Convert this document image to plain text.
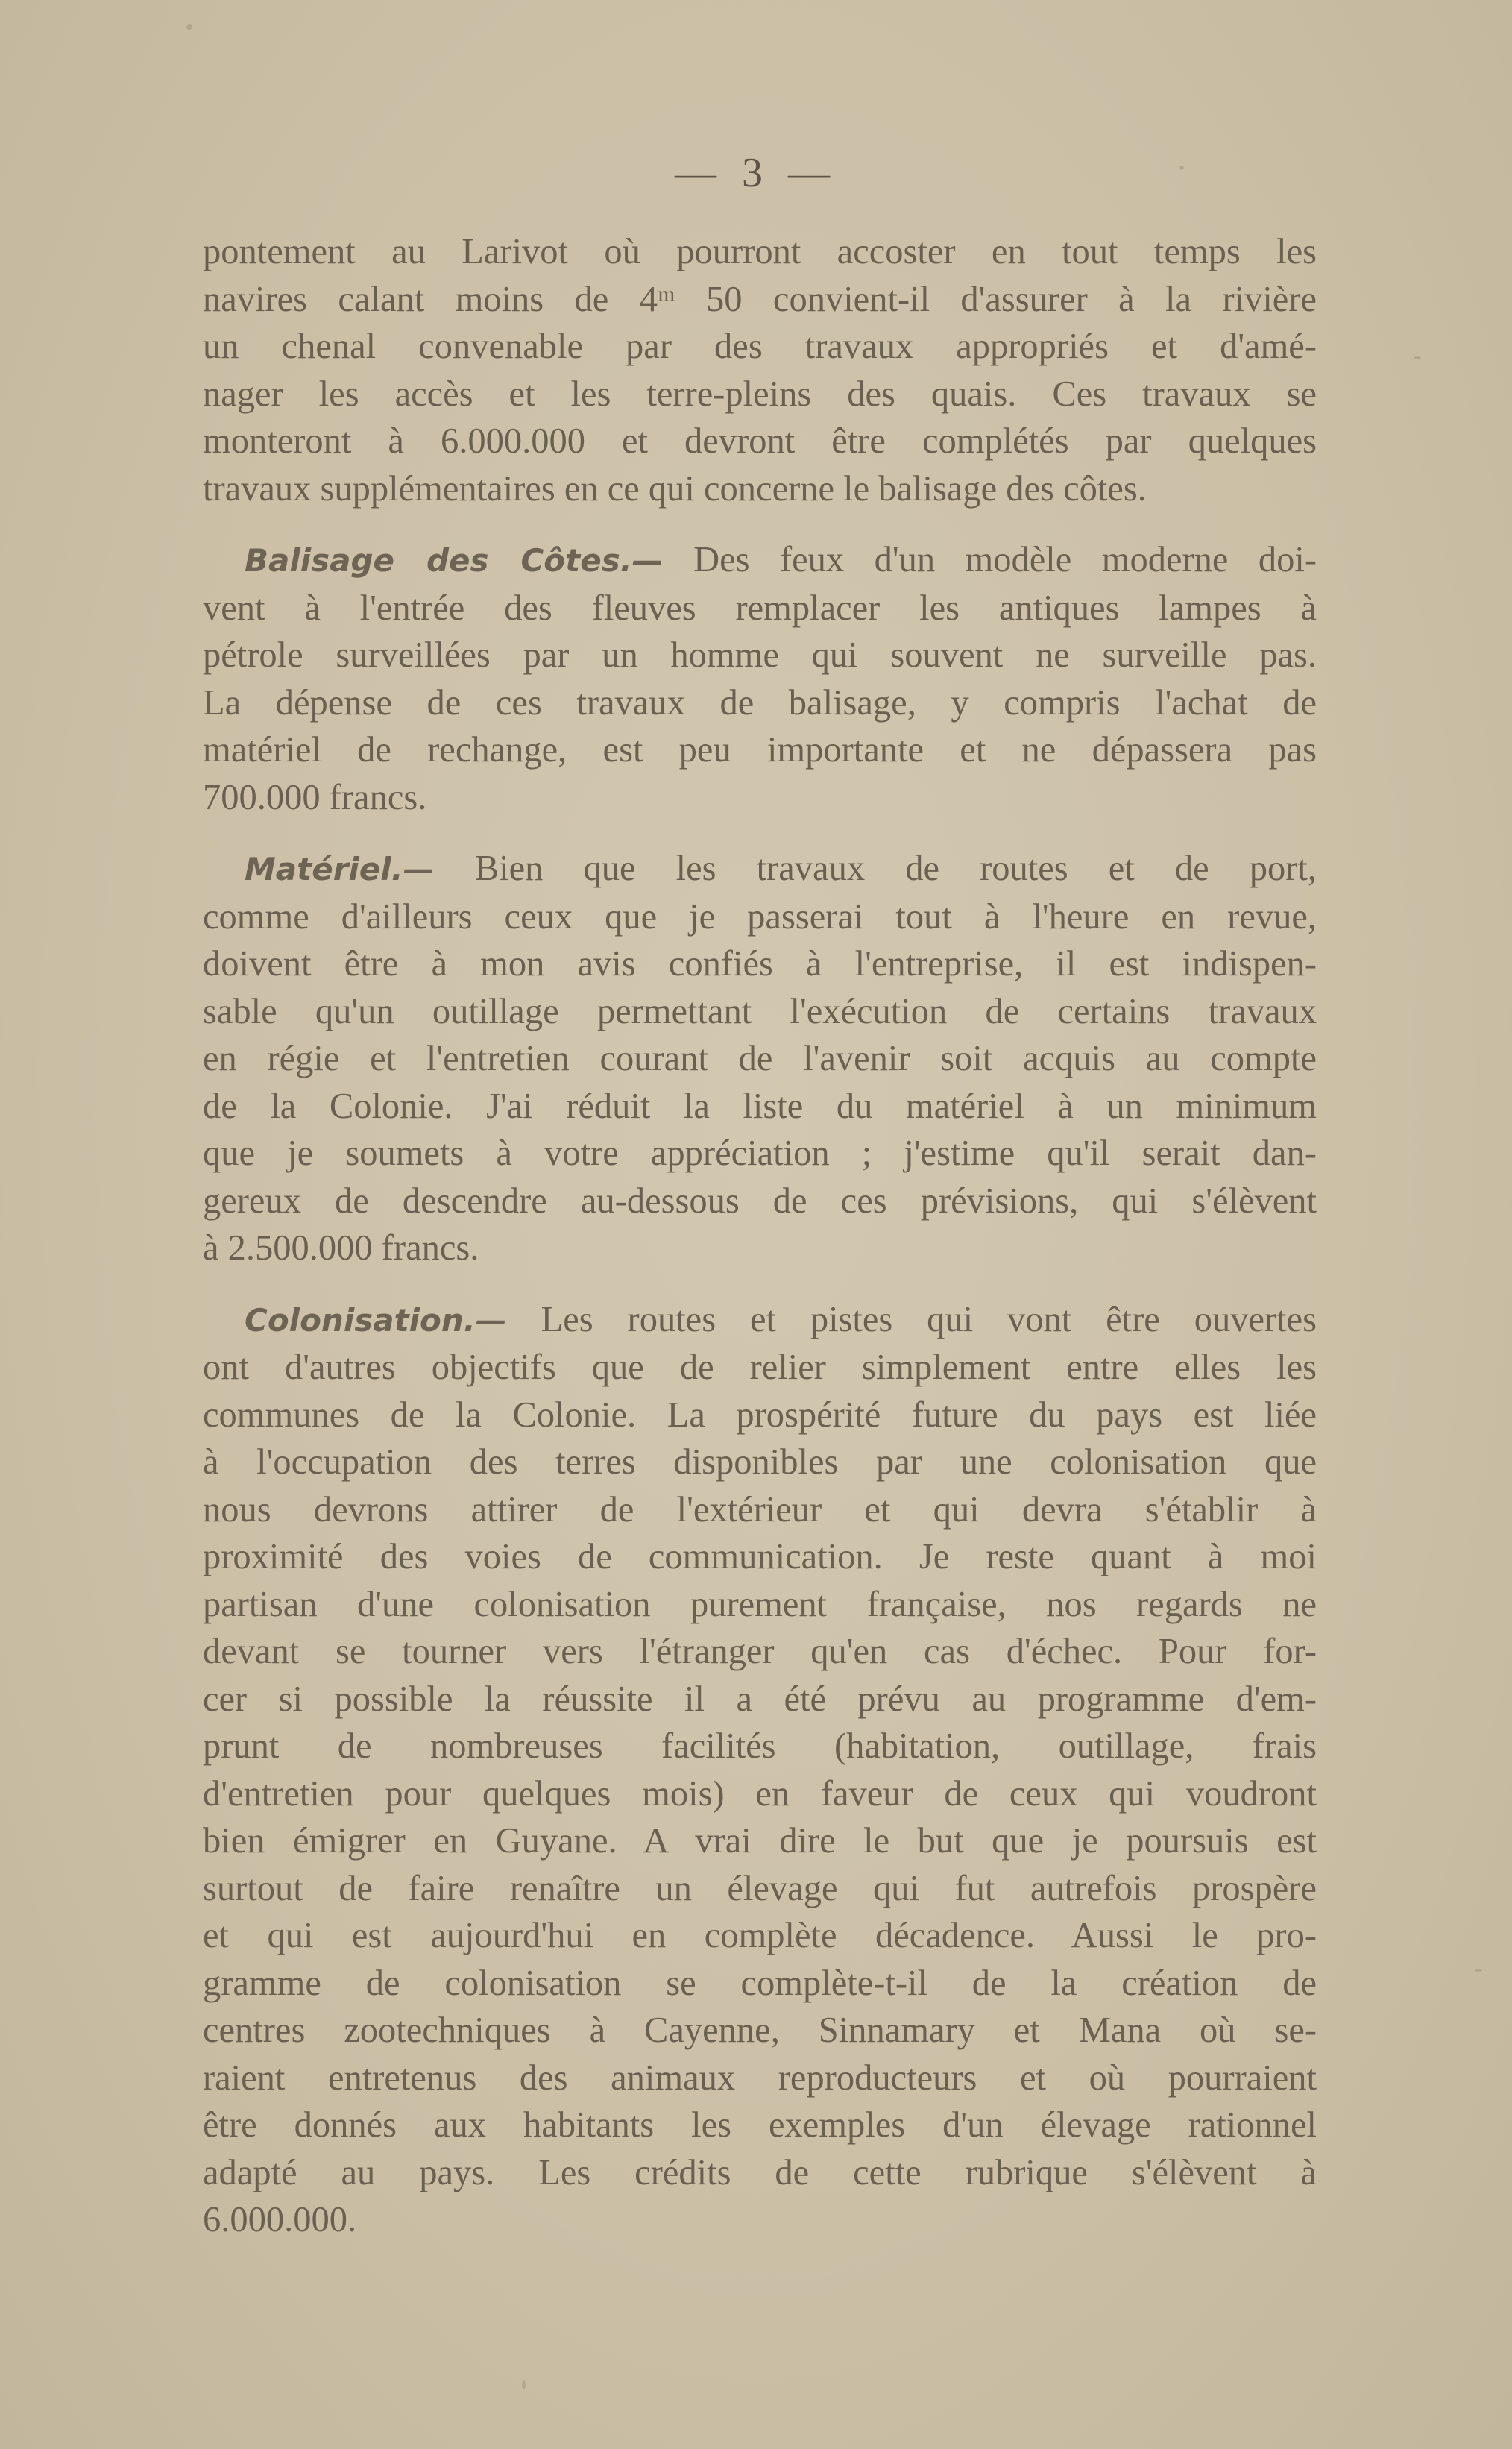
— 3 —
pontement au Larivot où pourront accoster en tout temps les
navires calant moins de 4ᵐ 50 convient-il d'assurer à la rivière
un chenal convenable par des travaux appropriés et d'amé-
nager les accès et les terre-pleins des quais. Ces travaux se
monteront à 6.000.000 et devront être complétés par quelques
travaux supplémentaires en ce qui concerne le balisage des côtes.
Balisage des Côtes.— Des feux d'un modèle moderne doi-
vent à l'entrée des fleuves remplacer les antiques lampes à
pétrole surveillées par un homme qui souvent ne surveille pas.
La dépense de ces travaux de balisage, y compris l'achat de
matériel de rechange, est peu importante et ne dépassera pas
700.000 francs.
Matériel.— Bien que les travaux de routes et de port,
comme d'ailleurs ceux que je passerai tout à l'heure en revue,
doivent être à mon avis confiés à l'entreprise, il est indispen-
sable qu'un outillage permettant l'exécution de certains travaux
en régie et l'entretien courant de l'avenir soit acquis au compte
de la Colonie. J'ai réduit la liste du matériel à un minimum
que je soumets à votre appréciation ; j'estime qu'il serait dan-
gereux de descendre au-dessous de ces prévisions, qui s'élèvent
à 2.500.000 francs.
Colonisation.— Les routes et pistes qui vont être ouvertes
ont d'autres objectifs que de relier simplement entre elles les
communes de la Colonie. La prospérité future du pays est liée
à l'occupation des terres disponibles par une colonisation que
nous devrons attirer de l'extérieur et qui devra s'établir à
proximité des voies de communication. Je reste quant à moi
partisan d'une colonisation purement française, nos regards ne
devant se tourner vers l'étranger qu'en cas d'échec. Pour for-
cer si possible la réussite il a été prévu au programme d'em-
prunt de nombreuses facilités (habitation, outillage, frais
d'entretien pour quelques mois) en faveur de ceux qui voudront
bien émigrer en Guyane. A vrai dire le but que je poursuis est
surtout de faire renaître un élevage qui fut autrefois prospère
et qui est aujourd'hui en complète décadence. Aussi le pro-
gramme de colonisation se complète-t-il de la création de
centres zootechniques à Cayenne, Sinnamary et Mana où se-
raient entretenus des animaux reproducteurs et où pourraient
être donnés aux habitants les exemples d'un élevage rationnel
adapté au pays. Les crédits de cette rubrique s'élèvent à
6.000.000.
